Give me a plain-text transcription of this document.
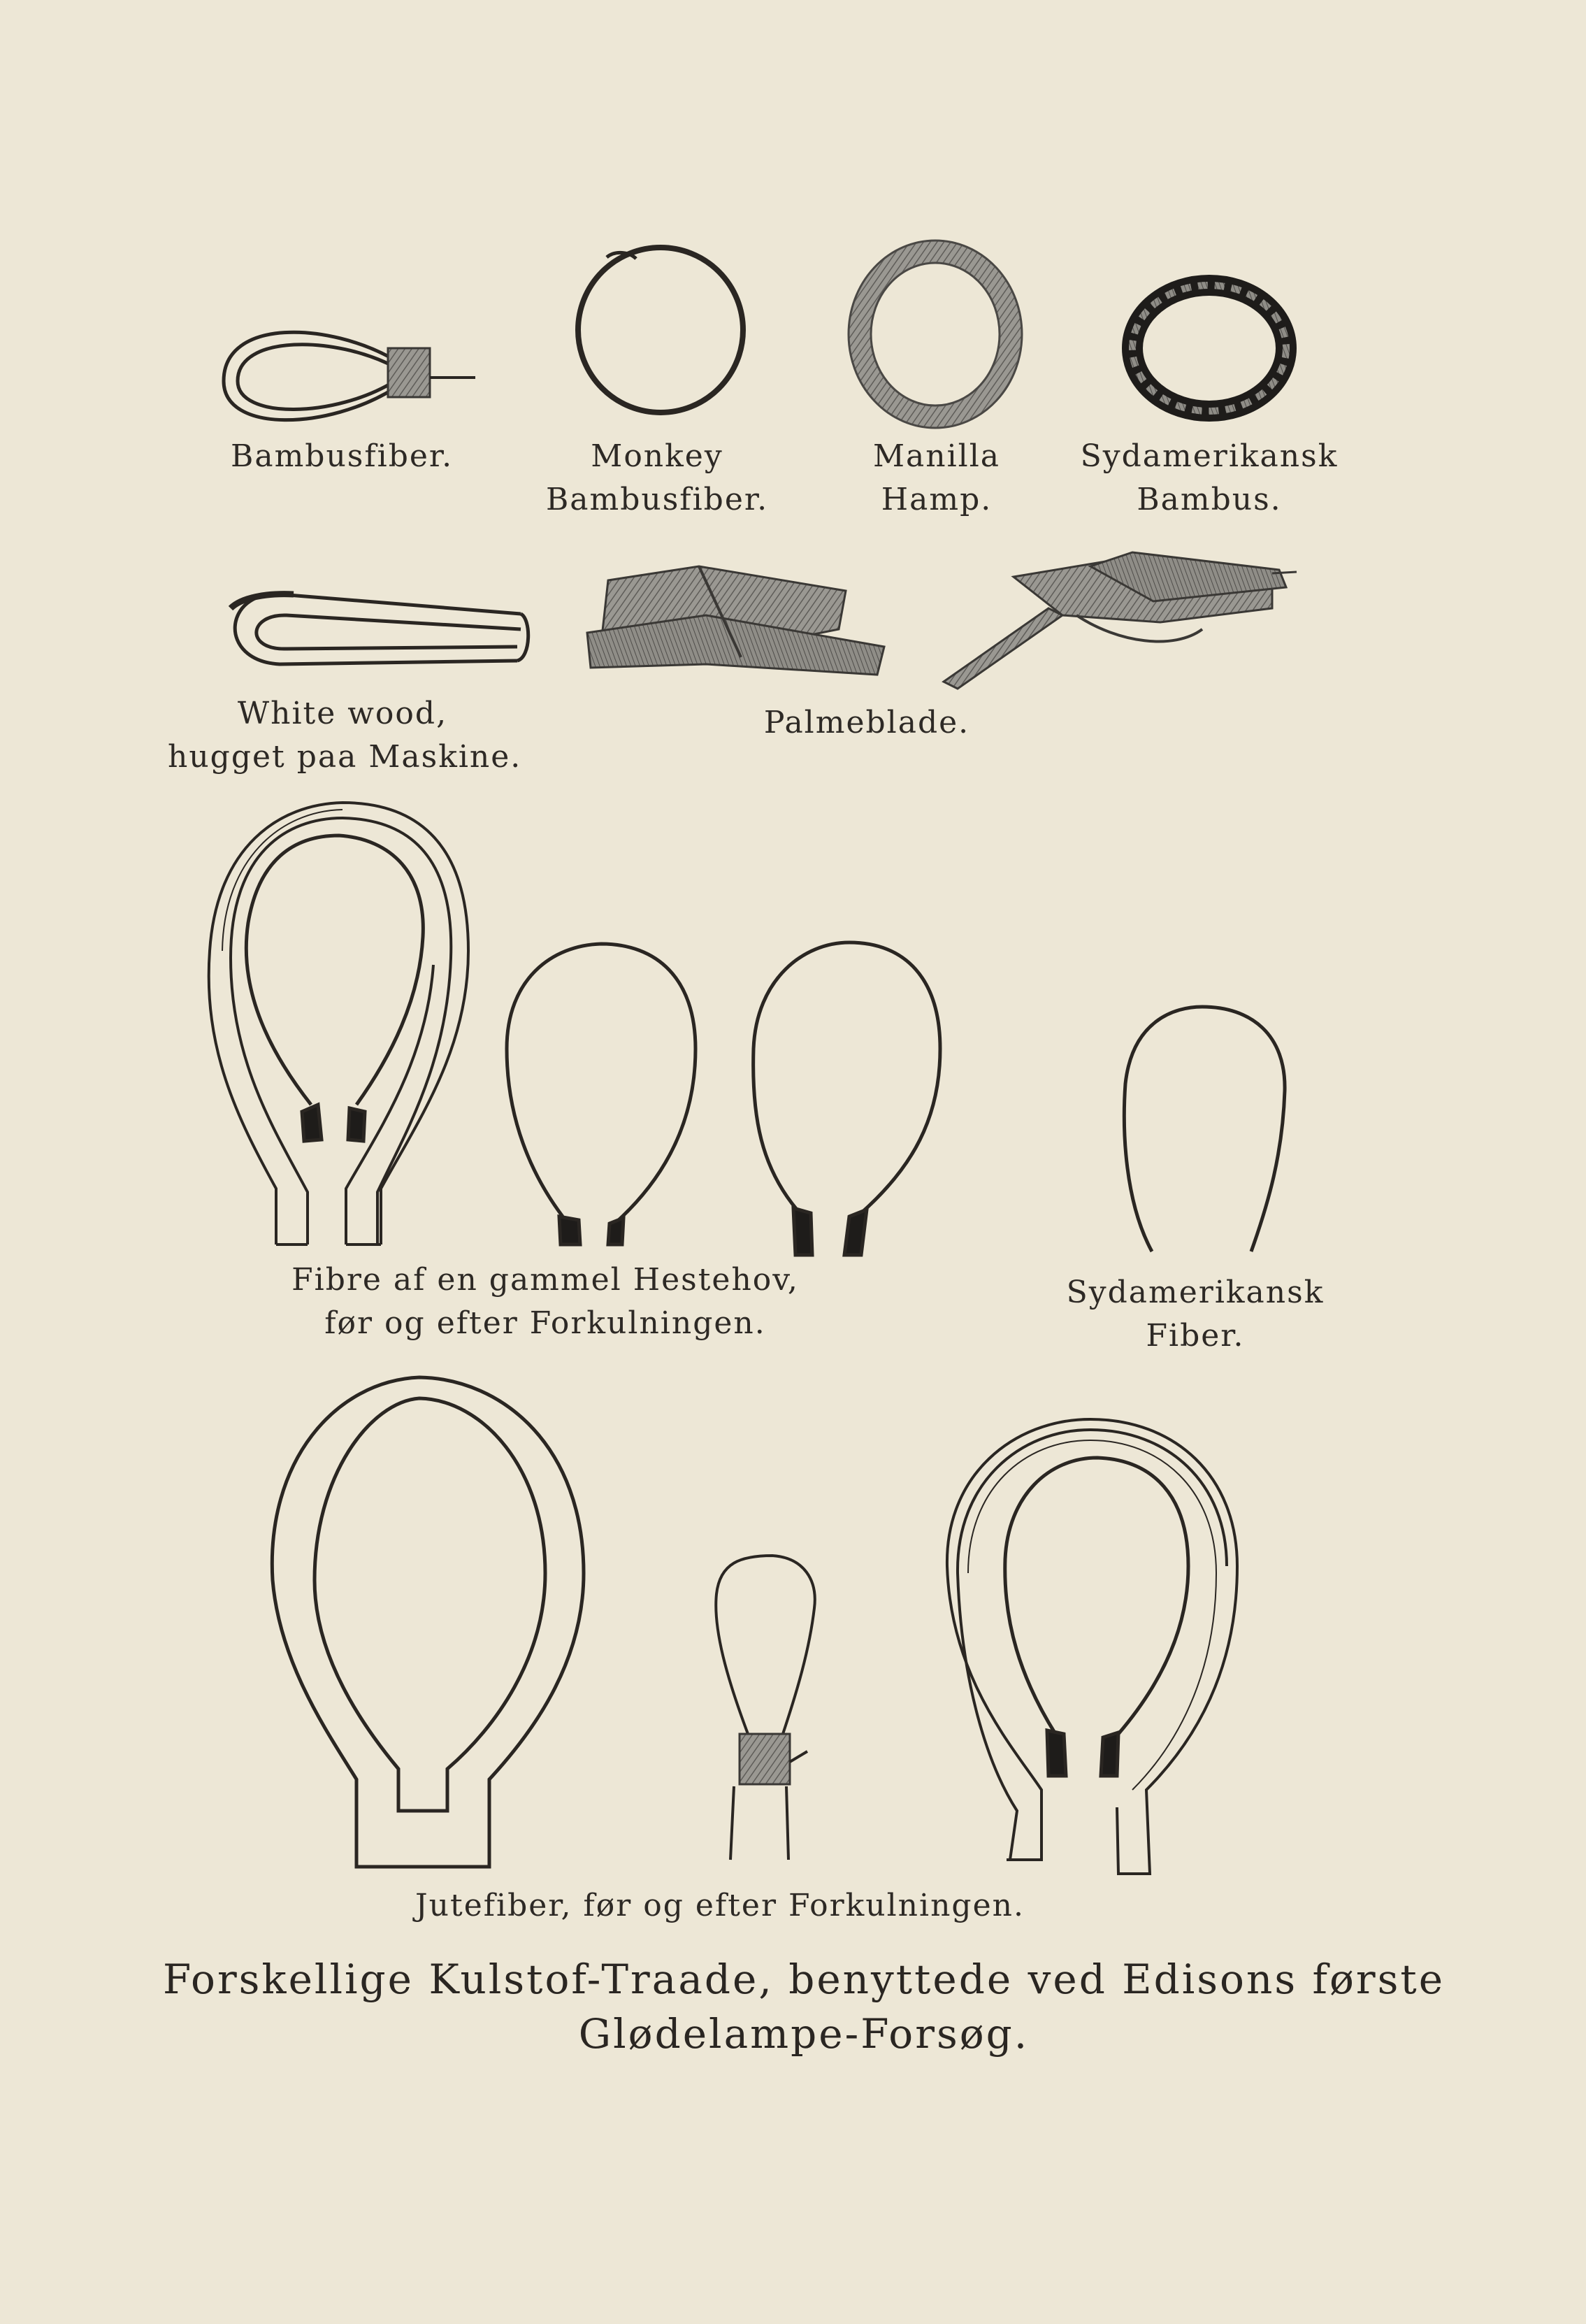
Bambusfiber.	Monkey
Bambusfiber.
Manilla
Hamp.
Sydamerikansk
Bambus.
White wood,
hugget paa Maskine.
Palmeblade.
Fibre af en gammel Hestehov,
før og efter Forkulningen.
Sydamerikansk
Fiber.
Jutefiber, før og efter Forkulningen.
Forskellige Kulstof-Traade, benyttede ved Edisons første
Glødelampe-Forsøg.
